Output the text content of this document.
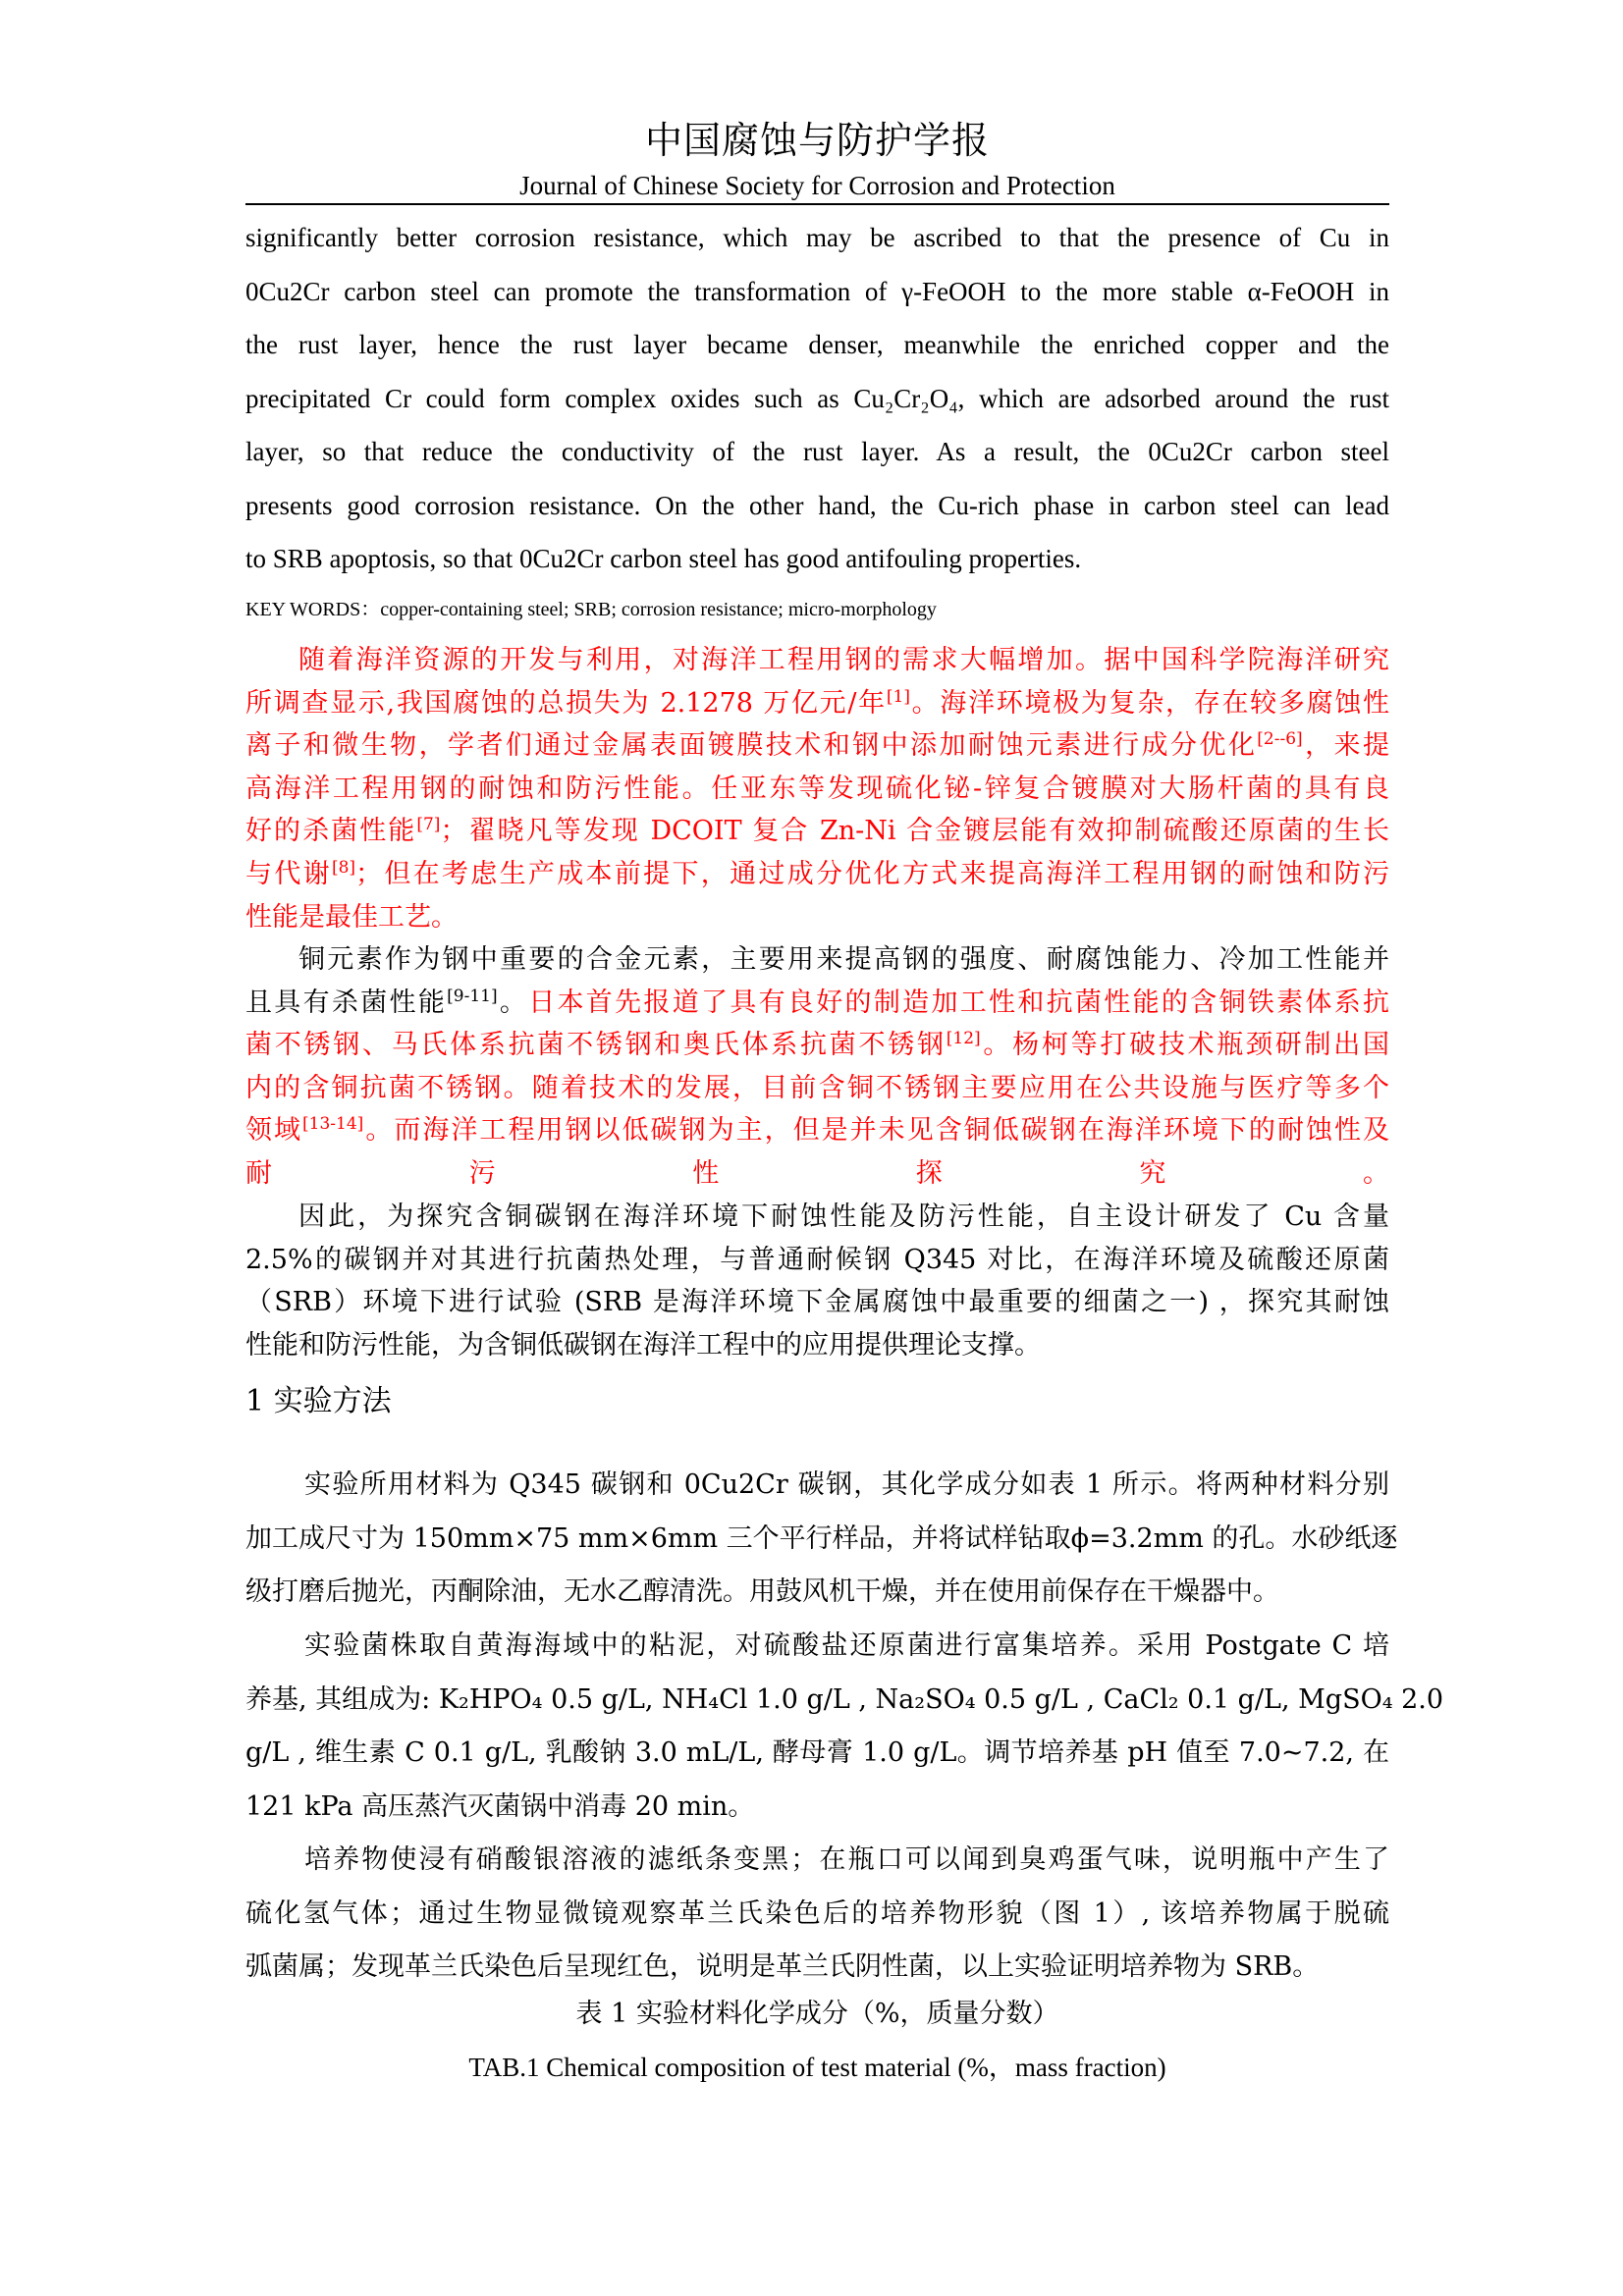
中国腐蚀与防护学报
Journal of Chinese Society for Corrosion and Protection
significantly better corrosion resistance, which may be ascribed to that the presence of Cu in
0Cu2Cr carbon steel can promote the transformation of γ-FeOOH to the more stable α-FeOOH in
the rust layer, hence the rust layer became denser, meanwhile the enriched copper and the
precipitated Cr could form complex oxides such as Cu₂Cr₂O₄, which are adsorbed around the rust
layer, so that reduce the conductivity of the rust layer. As a result, the 0Cu2Cr carbon steel
presents good corrosion resistance. On the other hand, the Cu-rich phase in carbon steel can lead
to SRB apoptosis, so that 0Cu2Cr carbon steel has good antifouling properties.
KEY WORDS：copper-containing steel; SRB; corrosion resistance; micro-morphology
随着海洋资源的开发与利用，对海洋工程用钢的需求大幅增加。据中国科学院海洋研究
所调查显示,我国腐蚀的总损失为 2.1278 万亿元/年[1]。海洋环境极为复杂，存在较多腐蚀性
离子和微生物，学者们通过金属表面镀膜技术和钢中添加耐蚀元素进行成分优化[2--6]，来提
高海洋工程用钢的耐蚀和防污性能。任亚东等发现硫化铋-锌复合镀膜对大肠杆菌的具有良
好的杀菌性能[7]；翟晓凡等发现 DCOIT 复合 Zn-Ni 合金镀层能有效抑制硫酸还原菌的生长
与代谢[8]；但在考虑生产成本前提下，通过成分优化方式来提高海洋工程用钢的耐蚀和防污
性能是最佳工艺。
铜元素作为钢中重要的合金元素，主要用来提高钢的强度、耐腐蚀能力、冷加工性能并
且具有杀菌性能[9-11]。日本首先报道了具有良好的制造加工性和抗菌性能的含铜铁素体系抗
菌不锈钢、马氏体系抗菌不锈钢和奥氏体系抗菌不锈钢[12]。杨柯等打破技术瓶颈研制出国
内的含铜抗菌不锈钢。随着技术的发展，目前含铜不锈钢主要应用在公共设施与医疗等多个
领域[13-14]。而海洋工程用钢以低碳钢为主，但是并未见含铜低碳钢在海洋环境下的耐蚀性及
耐污性探究。
因此，为探究含铜碳钢在海洋环境下耐蚀性能及防污性能，自主设计研发了 Cu 含量
2.5%的碳钢并对其进行抗菌热处理，与普通耐候钢 Q345 对比，在海洋环境及硫酸还原菌
（SRB）环境下进行试验 (SRB 是海洋环境下金属腐蚀中最重要的细菌之一) ，探究其耐蚀
性能和防污性能，为含铜低碳钢在海洋工程中的应用提供理论支撑。
1 实验方法
实验所用材料为 Q345 碳钢和 0Cu2Cr 碳钢，其化学成分如表 1 所示。将两种材料分别
加工成尺寸为 150mm×75 mm×6mm 三个平行样品，并将试样钻取ϕ=3.2mm 的孔。水砂纸逐
级打磨后抛光，丙酮除油，无水乙醇清洗。用鼓风机干燥，并在使用前保存在干燥器中。
实验菌株取自黄海海域中的粘泥，对硫酸盐还原菌进行富集培养。采用 Postgate C 培
养基, 其组成为: K₂HPO₄ 0.5 g/L, NH₄Cl 1.0 g/L , Na₂SO₄ 0.5 g/L , CaCl₂ 0.1 g/L, MgSO₄ 2.0
g/L , 维生素 C 0.1 g/L, 乳酸钠 3.0 mL/L, 酵母膏 1.0 g/L。调节培养基 pH 值至 7.0~7.2, 在
121 kPa 高压蒸汽灭菌锅中消毒 20 min。
培养物使浸有硝酸银溶液的滤纸条变黑；在瓶口可以闻到臭鸡蛋气味，说明瓶中产生了
硫化氢气体；通过生物显微镜观察革兰氏染色后的培养物形貌（图 1）, 该培养物属于脱硫
弧菌属；发现革兰氏染色后呈现红色，说明是革兰氏阴性菌，以上实验证明培养物为 SRB。
表 1 实验材料化学成分（%，质量分数）
TAB.1 Chemical composition of test material (%，mass fraction)
